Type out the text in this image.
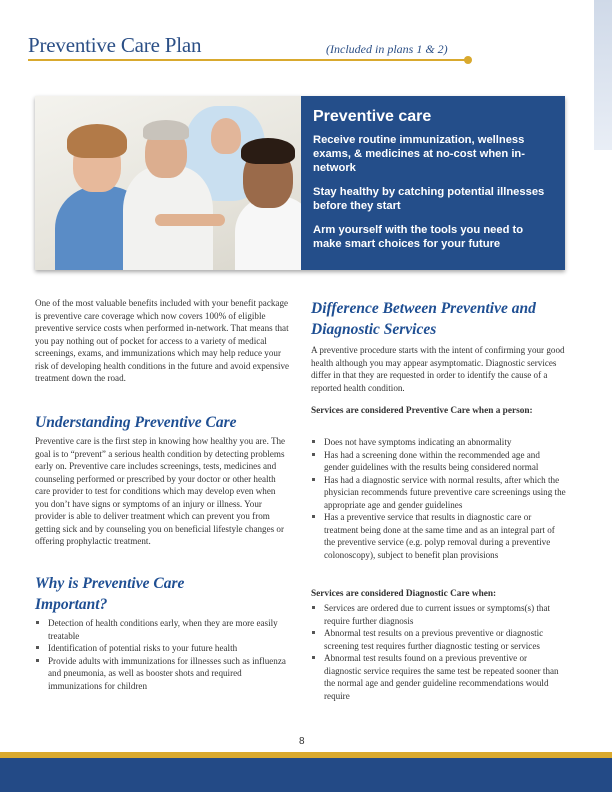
Preventive Care Plan	(Included in plans 1 & 2)
Preventive care
Receive routine immunization, wellness exams, & medicines at no-cost when in-network
Stay healthy by catching potential illnesses before they start
Arm yourself with the tools you need to make smart choices for your future
One of the most valuable benefits included with your benefit package is preventive care coverage which now covers 100% of eligible preventive service costs when performed in-network. That means that you pay nothing out of pocket for access to a variety of medical screenings, exams, and immunizations which may help reduce your risk of developing health conditions in the future and avoid expensive treatment down the road.
Understanding Preventive Care
Preventive care is the first step in knowing how healthy you are. The goal is to “prevent” a serious health condition by detecting problems early on. Preventive care includes screenings, tests, medicines and counseling performed or prescribed by your doctor or other health care provider to test for conditions which may develop even when you don’t have signs or symptoms of an injury or illness. Your provider is able to deliver treatment which can prevent you from getting sick and by counseling you on beneficial lifestyle changes or offering prophylactic treatment.
Why is Preventive Care Important?
Detection of health conditions early, when they are more easily treatable
Identification of potential risks to your future health
Provide adults with immunizations for illnesses such as influenza and pneumonia, as well as booster shots and required immunizations for children
Difference Between Preventive and Diagnostic Services
A preventive procedure starts with the intent of confirming your good health although you may appear asymptomatic. Diagnostic services differ in that they are requested in order to identify the cause of a reported health condition.
Services are considered Preventive Care when a person:
Does not have symptoms indicating an abnormality
Has had a screening done within the recommended age and gender guidelines with the results being considered normal
Has had a diagnostic service with normal results, after which the physician recommends future preventive care screenings using the appropriate age and gender guidelines
Has a preventive service that results in diagnostic care or treatment being done at the same time and as an integral part of the preventive service (e.g. polyp removal during a preventive colonoscopy), subject to benefit plan provisions
Services are considered Diagnostic Care when:
Services are ordered due to current issues or symptoms(s) that require further diagnosis
Abnormal test results on a previous preventive or diagnostic screening test requires further diagnostic testing or services
Abnormal test results found on a previous preventive or diagnostic service requires the same test be repeated sooner than the normal age and gender guideline recommendations would require
8
